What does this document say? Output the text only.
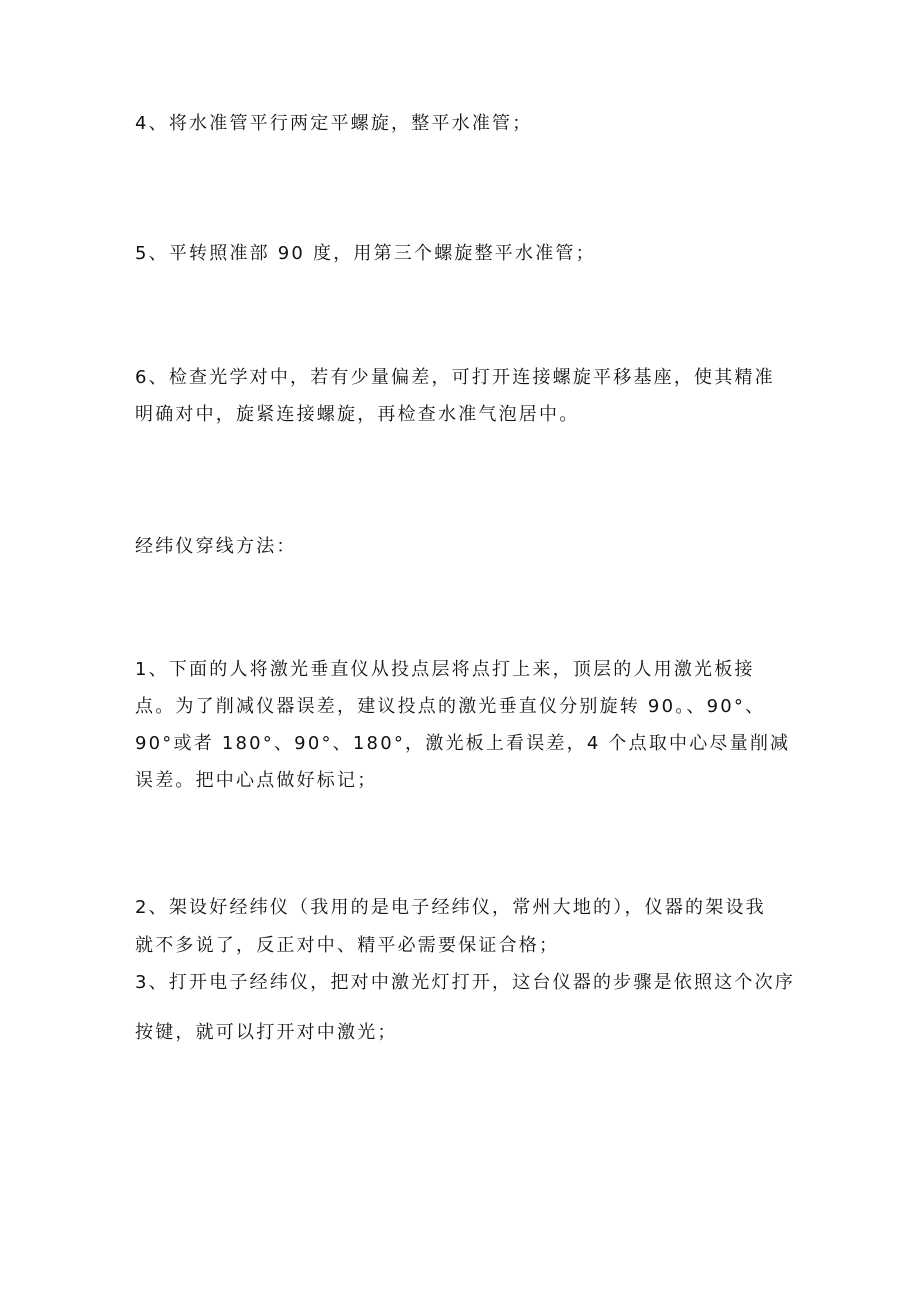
4、将水准管平行两定平螺旋，整平水准管；
5、平转照准部 90 度，用第三个螺旋整平水准管；
6、检查光学对中，若有少量偏差，可打开连接螺旋平移基座，使其精准
明确对中，旋紧连接螺旋，再检查水准气泡居中。
经纬仪穿线方法：
1、下面的人将激光垂直仪从投点层将点打上来，顶层的人用激光板接
点。为了削减仪器误差，建议投点的激光垂直仪分别旋转 90。、90°、
90°或者 180°、90°、180°，激光板上看误差，4 个点取中心尽量削减
误差。把中心点做好标记；
2、架设好经纬仪（我用的是电子经纬仪，常州大地的），仪器的架设我
就不多说了，反正对中、精平必需要保证合格；
3、打开电子经纬仪，把对中激光灯打开，这台仪器的步骤是依照这个次序
按键，就可以打开对中激光；
